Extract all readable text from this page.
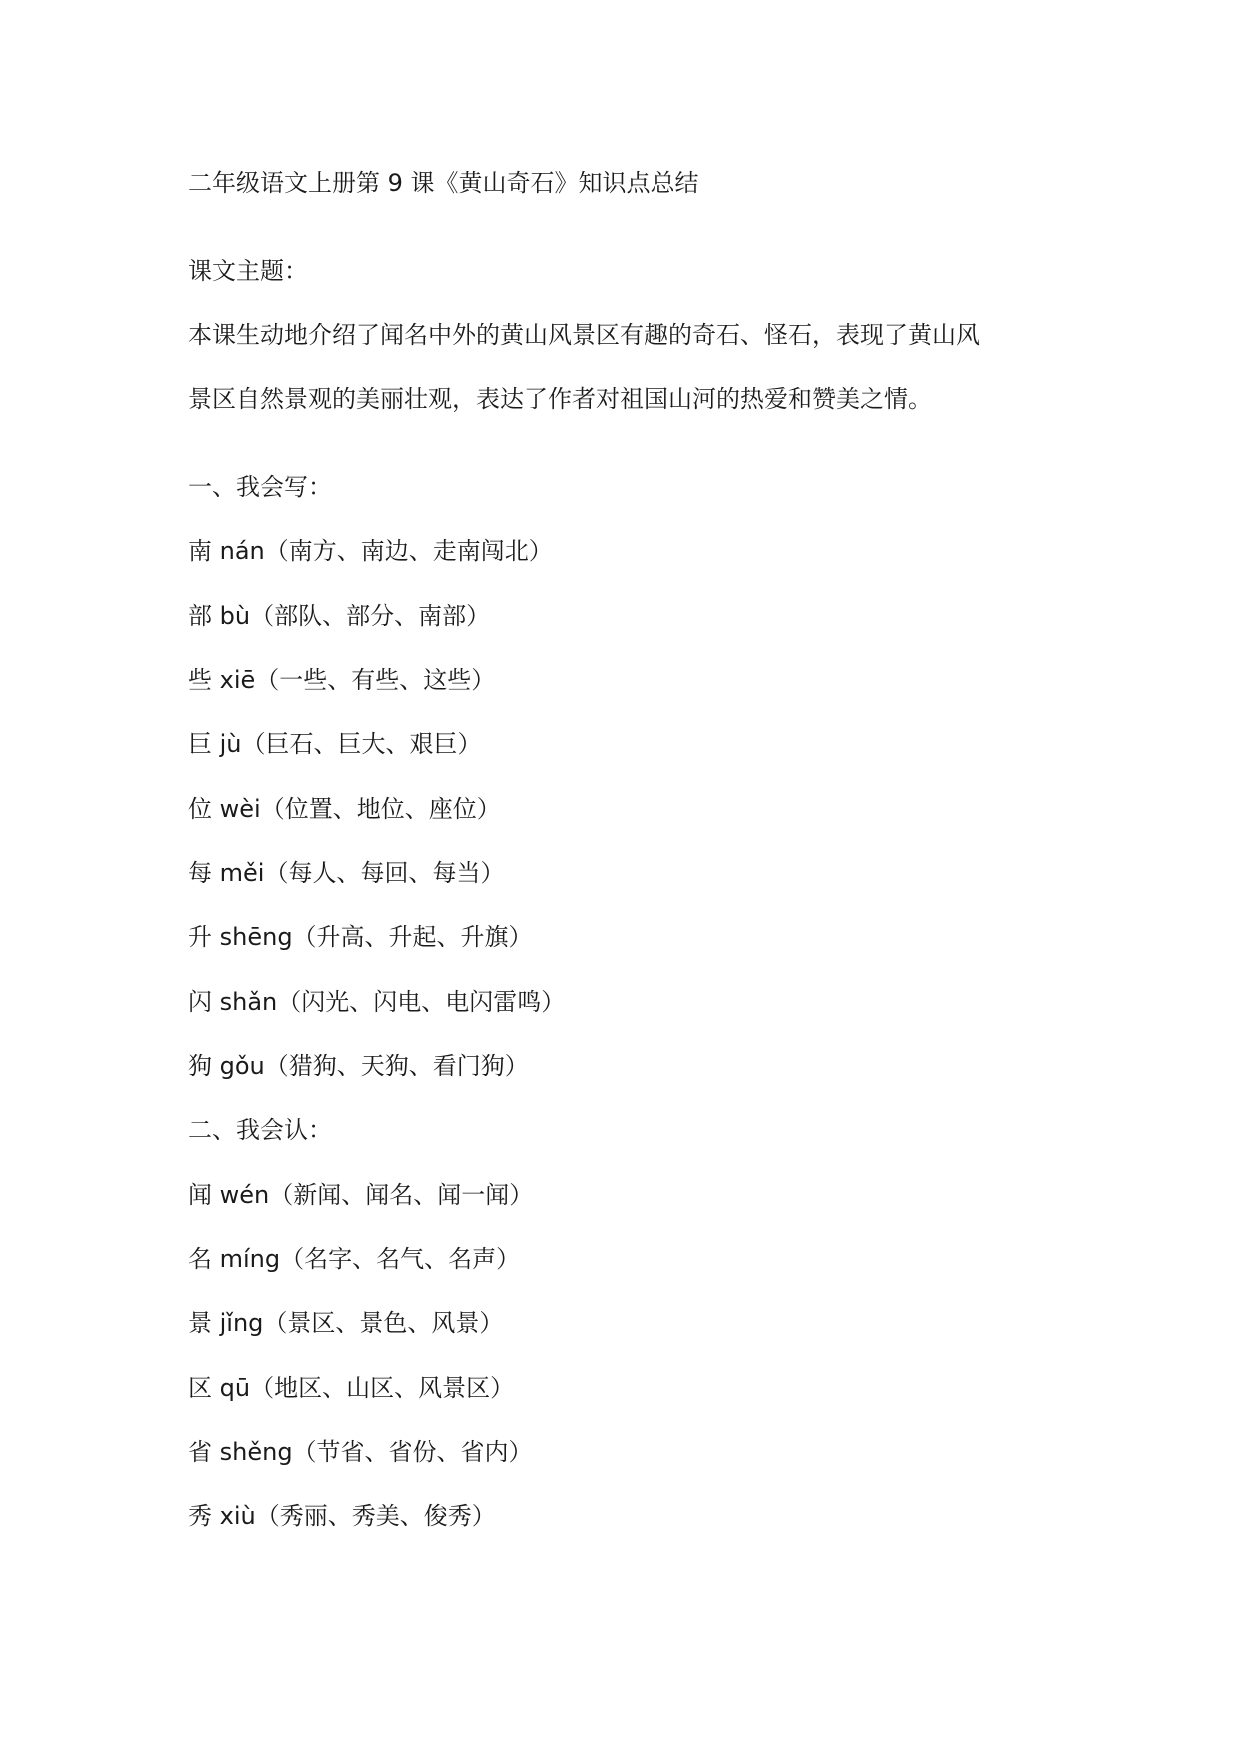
二年级语文上册第 9 课《黄山奇石》知识点总结
课文主题：
本课生动地介绍了闻名中外的黄山风景区有趣的奇石、怪石，表现了黄山风
景区自然景观的美丽壮观，表达了作者对祖国山河的热爱和赞美之情。
一、我会写：
南 nán（南方、南边、走南闯北）
部 bù（部队、部分、南部）
些 xiē（一些、有些、这些）
巨 jù（巨石、巨大、艰巨）
位 wèi（位置、地位、座位）
每 měi（每人、每回、每当）
升 shēng（升高、升起、升旗）
闪 shǎn（闪光、闪电、电闪雷鸣）
狗 gǒu（猎狗、天狗、看门狗）
二、我会认：
闻 wén（新闻、闻名、闻一闻）
名 míng（名字、名气、名声）
景 jǐng（景区、景色、风景）
区 qū（地区、山区、风景区）
省 shěng（节省、省份、省内）
秀 xiù（秀丽、秀美、俊秀）
